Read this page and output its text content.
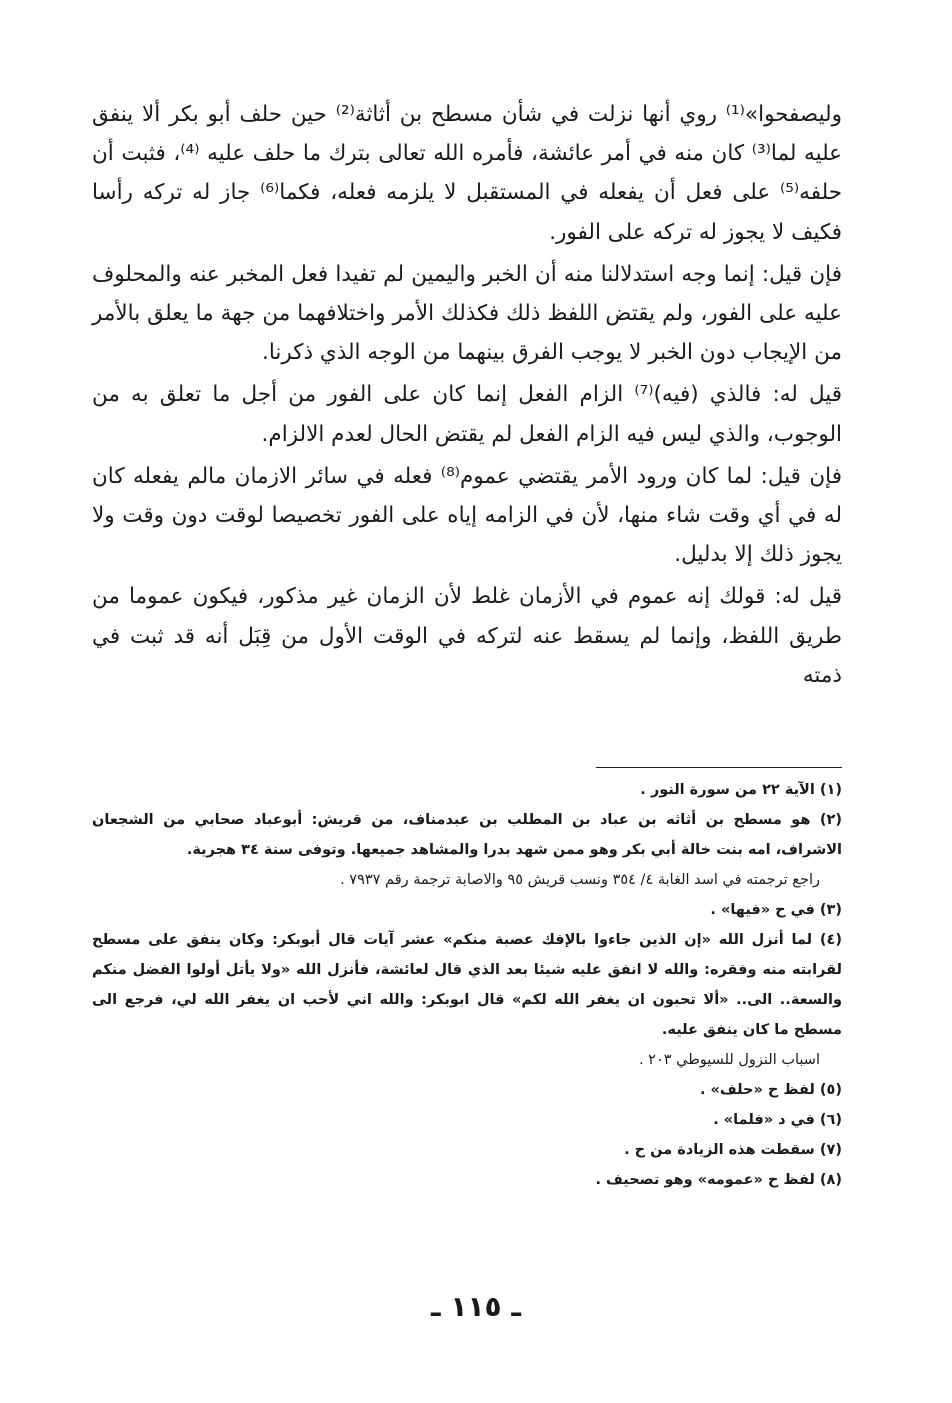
وليصفحوا»⁽¹⁾ روي أنها نزلت في شأن مسطح بن أثاثة⁽²⁾ حين حلف أبو بكر ألا ينفق عليه لما⁽³⁾ كان منه في أمر عائشة، فأمره الله تعالى بترك ما حلف عليه ⁽⁴⁾، فثبت أن حلفه⁽⁵⁾ على فعل أن يفعله في المستقبل لا يلزمه فعله، فكما⁽⁶⁾ جاز له تركه رأسا فكيف لا يجوز له تركه على الفور.

فإن قيل: إنما وجه استدلالنا منه أن الخبر واليمين لم تفيدا فعل المخبر عنه والمحلوف عليه على الفور، ولم يقتض اللفظ ذلك فكذلك الأمر واختلافهما من جهة ما يعلق بالأمر من الإيجاب دون الخبر لا يوجب الفرق بينهما من الوجه الذي ذكرنا.

قيل له: فالذي (فيه)⁽⁷⁾ الزام الفعل إنما كان على الفور من أجل ما تعلق به من الوجوب، والذي ليس فيه الزام الفعل لم يقتض الحال لعدم الالزام.

فإن قيل: لما كان ورود الأمر يقتضي عموم⁽⁸⁾ فعله في سائر الازمان مالم يفعله كان له في أي وقت شاء منها، لأن في الزامه إياه على الفور تخصيصا لوقت دون وقت ولا يجوز ذلك إلا بدليل.

قيل له: قولك إنه عموم في الأزمان غلط لأن الزمان غير مذكور، فيكون عموما من طريق اللفظ، وإنما لم يسقط عنه لتركه في الوقت الأول من قِبَل أنه قد ثبت في ذمته

(١) الآية ٢٢ من سورة النور .

(٢) هو مسطح بن أثاثه بن عباد بن المطلب بن عبدمناف، من قريش: أبوعباد صحابي من الشجعان الاشراف، امه بنت خالة أبي بكر وهو ممن شهد بدرا والمشاهد جميعها. وتوفى سنة ٣٤ هجرية.

راجع ترجمته في اسد الغابة ٤/ ٣٥٤ ونسب قريش ٩٥ والاصابة ترجمة رقم ٧٩٣٧ .

(٣) في ح «فيها» .

(٤) لما أنزل الله «إن الذين جاءوا بالإفك عصبة منكم» عشر آيات قال أبوبكر: وكان ينفق على مسطح لقرابته منه وفقره: والله لا انفق عليه شيئا بعد الذي قال لعائشة، فأنزل الله «ولا يأتل أولوا الفضل منكم والسعة.. الى.. «ألا تحبون ان يغفر الله لكم» قال ابوبكر: والله اني لأحب ان يغفر الله لي، فرجع الى مسطح ما كان ينفق عليه.

اسباب النزول للسيوطي ٢٠٣ .

(٥) لفظ ح «حلف» .

(٦) في د «فلما» .

(٧) سقطت هذه الزيادة من ح .

(٨) لفظ ح «عمومه» وهو تصحيف .

ـ ١١٥ ـ
